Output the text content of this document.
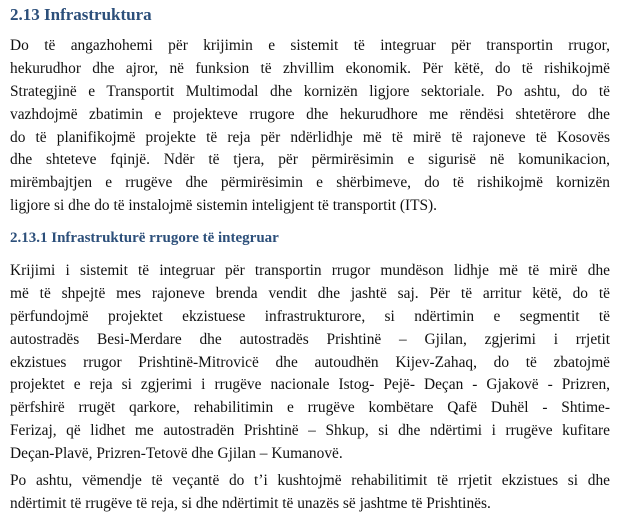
2.13 Infrastruktura
Do të angazhohemi për krijimin e sistemit të integruar për transportin rrugor,
hekurudhor dhe ajror, në funksion të zhvillim ekonomik. Për këtë, do të rishikojmë
Strategjinë e Transportit Multimodal dhe kornizën ligjore sektoriale. Po ashtu, do të
vazhdojmë zbatimin e projekteve rrugore dhe hekurudhore me rëndësi shtetërore dhe
do të planifikojmë projekte të reja për ndërlidhje më të mirë të rajoneve të Kosovës
dhe shteteve fqinjë. Ndër të tjera, për përmirësimin e sigurisë në komunikacion,
mirëmbajtjen e rrugëve dhe përmirësimin e shërbimeve, do të rishikojmë kornizën
ligjore si dhe do të instalojmë sistemin inteligjent të transportit (ITS).
2.13.1 Infrastrukturë rrugore të integruar
Krijimi i sistemit të integruar për transportin rrugor mundëson lidhje më të mirë dhe
më të shpejtë mes rajoneve brenda vendit dhe jashtë saj. Për të arritur këtë, do të
përfundojmë projektet ekzistuese infrastrukturore, si ndërtimin e segmentit të
autostradës Besi-Merdare dhe autostradës Prishtinë – Gjilan, zgjerimi i rrjetit
ekzistues rrugor Prishtinë-Mitrovicë dhe autoudhën Kijev-Zahaq, do të zbatojmë
projektet e reja si zgjerimi i rrugëve nacionale Istog- Pejë- Deçan - Gjakovë - Prizren,
përfshirë rrugët qarkore, rehabilitimin e rrugëve kombëtare Qafë Duhël - Shtime-
Ferizaj, që lidhet me autostradën Prishtinë – Shkup, si dhe ndërtimi i rrugëve kufitare
Deçan-Plavë, Prizren-Tetovë dhe Gjilan – Kumanovë.
Po ashtu, vëmendje të veçantë do t’i kushtojmë rehabilitimit të rrjetit ekzistues si dhe
ndërtimit të rrugëve të reja, si dhe ndërtimit të unazës së jashtme të Prishtinës.
